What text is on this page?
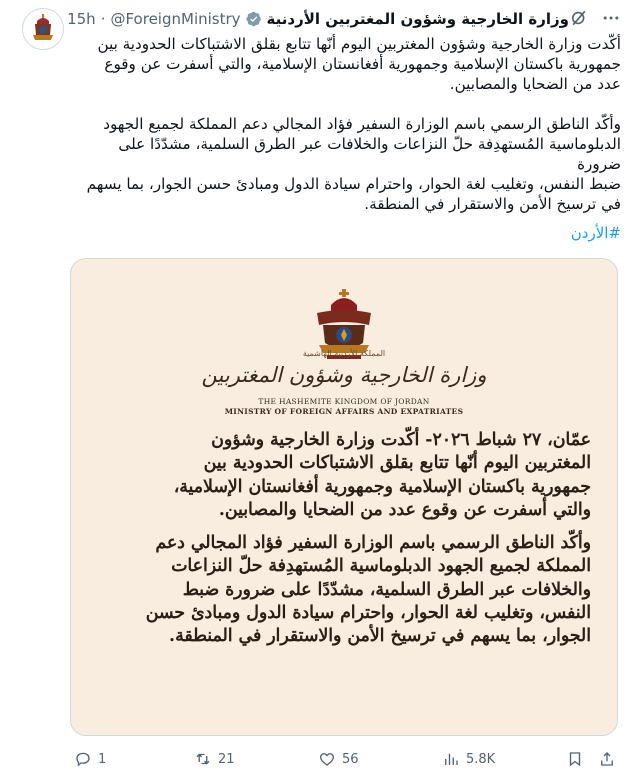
وزارة الخارجية وشؤون المغتربين الأردنية
@ForeignMinistry
·
15h

أكّدت وزارة الخارجية وشؤون المغتربين اليوم أنّها تتابع بقلق الاشتباكات الحدودية بين
جمهورية باكستان الإسلامية وجمهورية أفغانستان الإسلامية، والتي أسفرت عن وقوع
عدد من الضحايا والمصابين.

وأكّد الناطق الرسمي باسم الوزارة السفير فؤاد المجالي دعم المملكة لجميع الجهود
الدبلوماسية المُستهدِفة حلّ النزاعات والخلافات عبر الطرق السلمية، مشدّدًا على ضرورة
ضبط النفس، وتغليب لغة الحوار، واحترام سيادة الدول ومبادئ حسن الجوار، بما يسهم
في ترسيخ الأمن والاستقرار في المنطقة.

#الأردن
المملكة الأردنية الهاشمية
وزارة الخارجية وشؤون المغتربين
THE HASHEMITE KINGDOM OF JORDAN
MINISTRY OF FOREIGN AFFAIRS AND EXPATRIATES

عمّان، ٢٧ شباط ٢٠٢٦- أكّدت وزارة الخارجية وشؤون
المغتربين اليوم أنّها تتابع بقلق الاشتباكات الحدودية بين
جمهورية باكستان الإسلامية وجمهورية أفغانستان الإسلامية،
والتي أسفرت عن وقوع عدد من الضحايا والمصابين.

وأكّد الناطق الرسمي باسم الوزارة السفير فؤاد المجالي دعم
المملكة لجميع الجهود الدبلوماسية المُستهدِفة حلّ النزاعات
والخلافات عبر الطرق السلمية، مشدّدًا على ضرورة ضبط
النفس، وتغليب لغة الحوار، واحترام سيادة الدول ومبادئ حسن
الجوار، بما يسهم في ترسيخ الأمن والاستقرار في المنطقة.

1	21	56	5.8K
